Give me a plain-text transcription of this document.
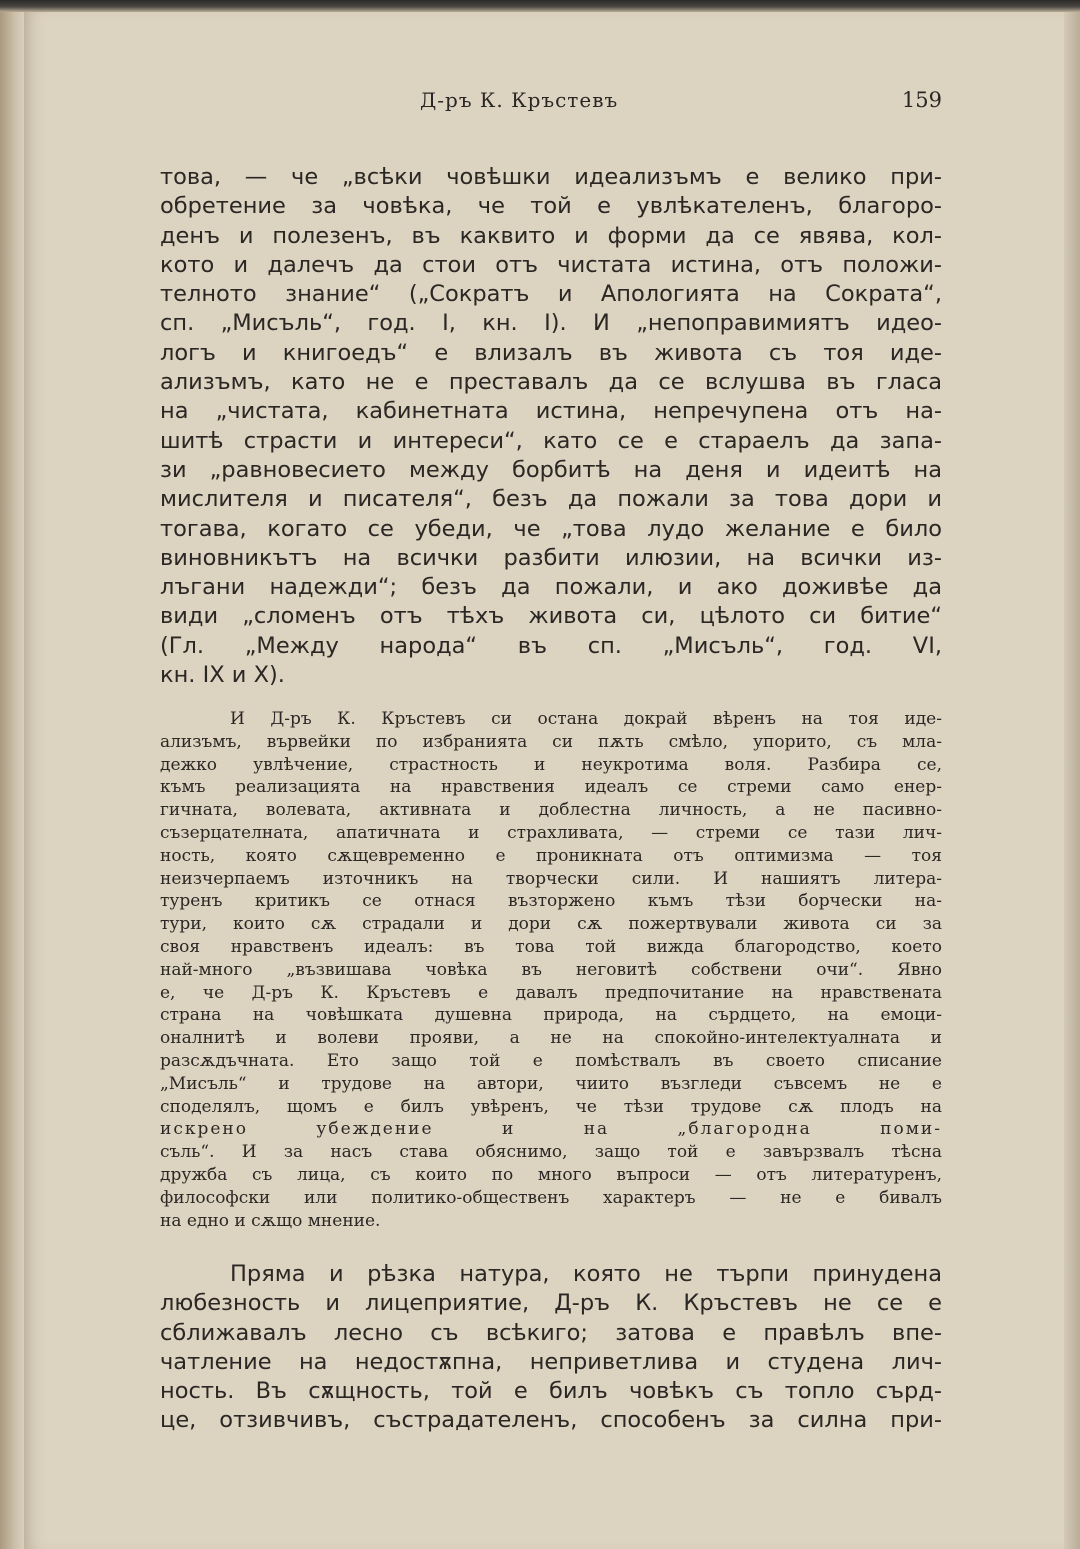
Д-ръ К. Кръстевъ	159
това, — че „всѣки човѣшки идеализъмъ е велико при-
обретение за човѣка, че той е увлѣкателенъ, благоро-
денъ и полезенъ, въ каквито и форми да се явява, кол-
кото и далечъ да стои отъ чистата истина, отъ положи-
телното знание“ („Сократъ и Апологията на Сократа“,
сп. „Мисъль“, год. I, кн. I). И „непоправимиятъ идео-
логъ и книгоедъ“ е влизалъ въ живота съ тоя иде-
ализъмъ, като не е преставалъ да се вслушва въ гласа
на „чистата, кабинетната истина, непречупена отъ на-
шитѣ страсти и интереси“, като се е стараелъ да запа-
зи „равновесието между борбитѣ на деня и идеитѣ на
мислителя и писателя“, безъ да пожали за това дори и
тогава, когато се убеди, че „това лудо желание е било
виновникътъ на всички разбити илюзии, на всички из-
лъгани надежди“; безъ да пожали, и ако доживѣе да
види „сломенъ отъ тѣхъ живота си, цѣлото си битие“
(Гл. „Между народа“ въ сп. „Мисъль“, год. VI,
кн. IX и X).
И Д-ръ К. Кръстевъ си остана докрай вѣренъ на тоя иде-
ализъмъ, вървейки по избранията си пѫть смѣло, упорито, съ мла-
дежко увлѣчение, страстность и неукротима воля. Разбира се,
къмъ реализацията на нравствения идеалъ се стреми само енер-
гичната, волевата, активната и доблестна личность, а не пасивно-
съзерцателната, апатичната и страхливата, — стреми се тази лич-
ность, която сѫщевременно е проникната отъ оптимизма — тоя
неизчерпаемъ източникъ на творчески сили. И нашиятъ литера-
туренъ критикъ се отнася възторжено къмъ тѣзи борчески на-
тури, които сѫ страдали и дори сѫ пожертвували живота си за
своя нравственъ идеалъ: въ това той вижда благородство, което
най-много „възвишава човѣка въ неговитѣ собствени очи“. Явно
е, че Д-ръ К. Кръстевъ е давалъ предпочитание на нравствената
страна на човѣшката душевна природа, на сърдцето, на емоци-
оналнитѣ и волеви прояви, а не на спокойно-интелектуалната и
разсѫдъчната. Ето защо той е помѣствалъ въ своето списание
„Мисъль“ и трудове на автори, чиито възгледи съвсемъ не е
споделялъ, щомъ е билъ увѣренъ, че тѣзи трудове сѫ плодъ на
искрено убеждение и на „благородна поми-
съль“. И за насъ става обяснимо, защо той е завързвалъ тѣсна
дружба съ лица, съ които по много въпроси — отъ литературенъ,
философски или политико-общественъ характеръ — не е бивалъ
на едно и сѫщо мнение.
Пряма и рѣзка натура, която не търпи принудена
любезность и лицеприятие, Д-ръ К. Кръстевъ не се е
сближавалъ лесно съ всѣкиго; затова е правѣлъ впе-
чатление на недостѫпна, неприветлива и студена лич-
ность. Въ сѫщность, той е билъ човѣкъ съ топло сърд-
це, отзивчивъ, състрадателенъ, способенъ за силна при-
